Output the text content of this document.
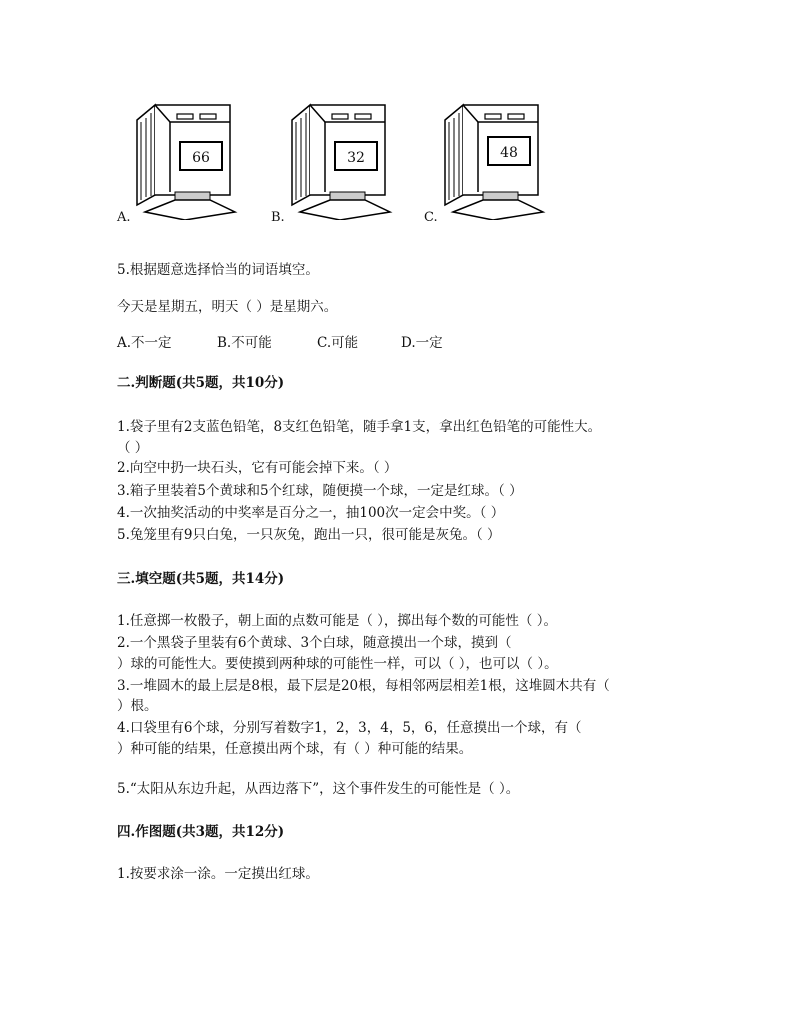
66
A.
32
B.
48
C.
5.根据题意选择恰当的词语填空。
今天是星期五，明天（ ）是星期六。
A.不一定	B.不可能	C.可能	D.一定
二.判断题(共5题，共10分)
1.袋子里有2支蓝色铅笔，8支红色铅笔，随手拿1支，拿出红色铅笔的可能性大。
（ ）
2.向空中扔一块石头，它有可能会掉下来。（ ）
3.箱子里装着5个黄球和5个红球，随便摸一个球，一定是红球。（ ）
4.一次抽奖活动的中奖率是百分之一，抽100次一定会中奖。（ ）
5.兔笼里有9只白兔，一只灰兔，跑出一只，很可能是灰兔。（ ）
三.填空题(共5题，共14分)
1.任意掷一枚骰子，朝上面的点数可能是（ ），掷出每个数的可能性（ ）。
2.一个黑袋子里装有6个黄球、3个白球，随意摸出一个球，摸到（
）球的可能性大。要使摸到两种球的可能性一样，可以（ ），也可以（ ）。
3.一堆圆木的最上层是8根，最下层是20根，每相邻两层相差1根，这堆圆木共有（
）根。
4.口袋里有6个球，分别写着数字1，2，3，4，5，6，任意摸出一个球，有（
）种可能的结果，任意摸出两个球，有（ ）种可能的结果。
5.“太阳从东边升起，从西边落下”，这个事件发生的可能性是（ ）。
四.作图题(共3题，共12分)
1.按要求涂一涂。一定摸出红球。
